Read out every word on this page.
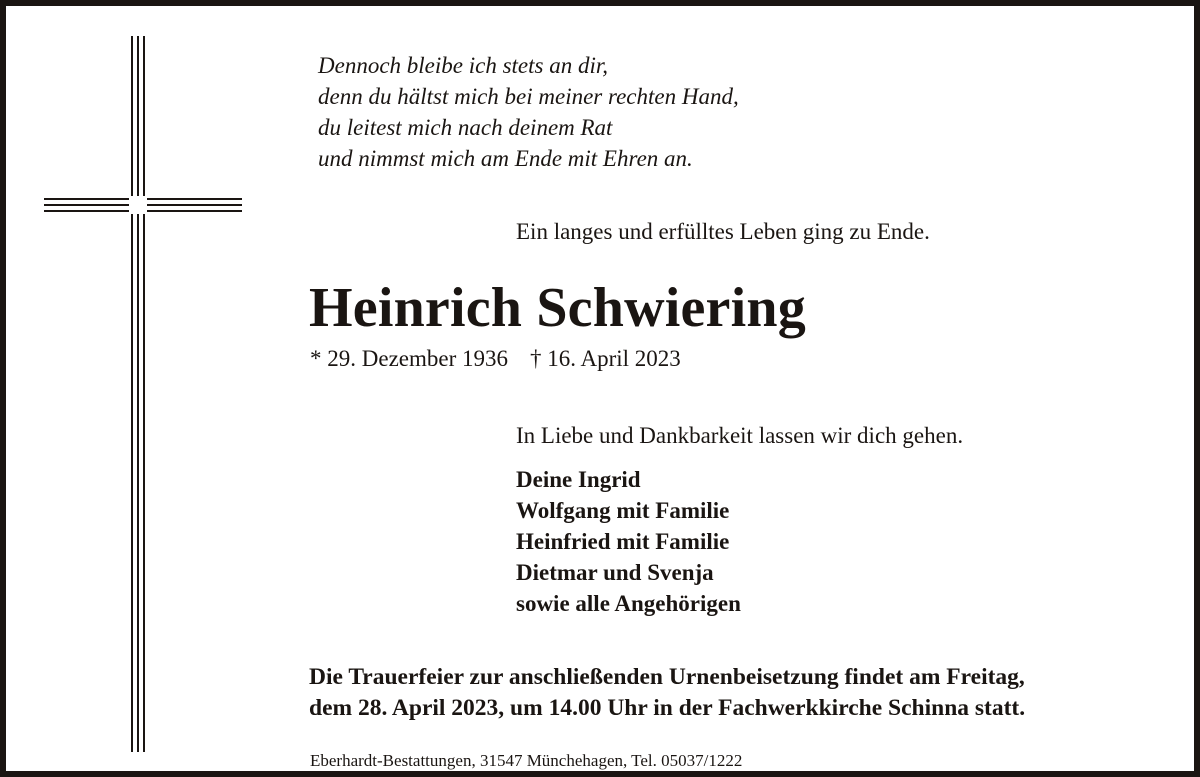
Dennoch bleibe ich stets an dir,
denn du hältst mich bei meiner rechten Hand,
du leitest mich nach deinem Rat
und nimmst mich am Ende mit Ehren an.
Ein langes und erfülltes Leben ging zu Ende.
Heinrich Schwiering
* 29. Dezember 1936 † 16. April 2023
In Liebe und Dankbarkeit lassen wir dich gehen.
Deine Ingrid
Wolfgang mit Familie
Heinfried mit Familie
Dietmar und Svenja
sowie alle Angehörigen
Die Trauerfeier zur anschließenden Urnenbeisetzung findet am Freitag,
dem 28. April 2023, um 14.00 Uhr in der Fachwerkkirche Schinna statt.
Eberhardt-Bestattungen, 31547 Münchehagen, Tel. 05037/1222
